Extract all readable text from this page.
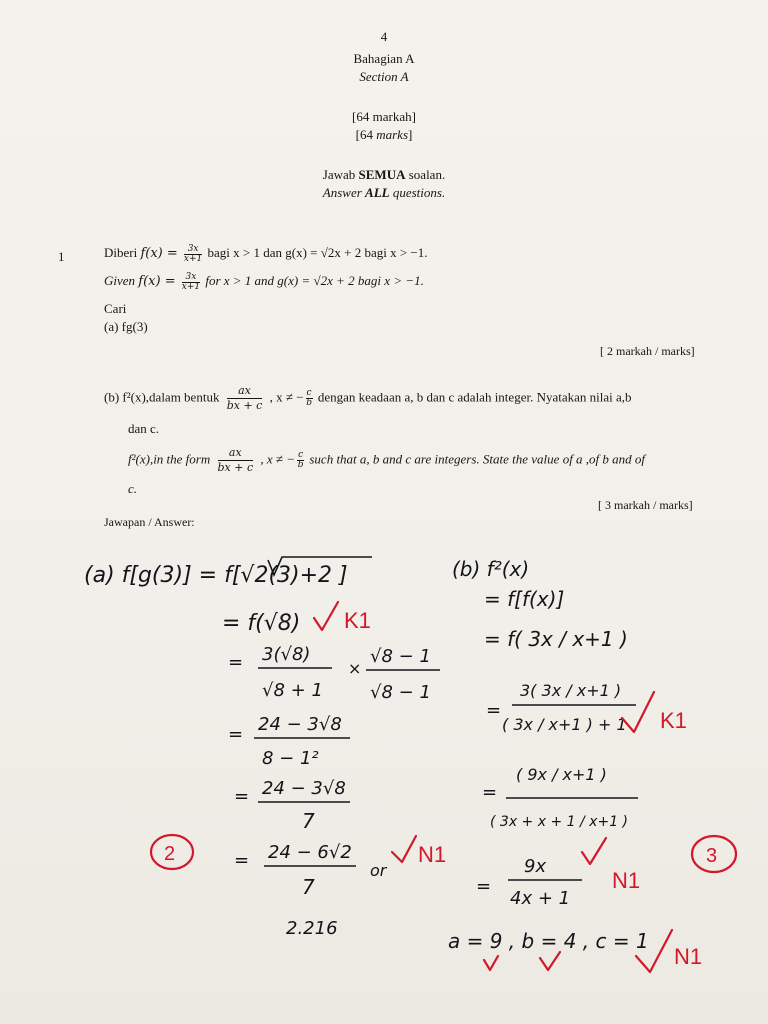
4
Bahagian A
Section A
[64 markah]
[64 marks]
Jawab SEMUA soalan.
Answer ALL questions.
1	Diberi $f(x) = \frac{3x}{x+1}$ bagi x > 1 dan g(x) = √2x + 2 bagi x > −1.
Given $f(x) = \frac{3x}{x+1}$ for x > 1 and g(x) = √2x + 2 bagi x > −1.
Cari
(a) fg(3)
[ 2 markah / marks]
(b) f²(x),dalam bentuk $\frac{ax}{bx + c}$ , x ≠ − $\frac{c}{b}$ dengan keadaan a, b dan c adalah integer. Nyatakan nilai a,b
dan c.
f²(x),in the form $\frac{ax}{bx + c}$ , x ≠ − $\frac{c}{b}$ such that a, b and c are integers. State the value of a ,of b and of
c.
[ 3 markah / marks]
Jawapan / Answer:
(a) f[g(3)] = f[√2(3)+2 ]
= f(√8)
= 3(√8)
√8 + 1
×
√8 − 1
√8 − 1
= 24 − 3√8
8 − 1²
= 24 − 3√8
7
= 24 − 6√2
7
or
2.216
(b) f²(x)
= f[f(x)]
= f( 3x / x+1 )
=
3( 3x / x+1 )
( 3x / x+1 ) + 1
=
( 9x / x+1 )
( 3x + x + 1 / x+1 )
=
9x
4x + 1
a = 9 , b = 4 , c = 1
K1
K1
N1
N1
N1
2	3
